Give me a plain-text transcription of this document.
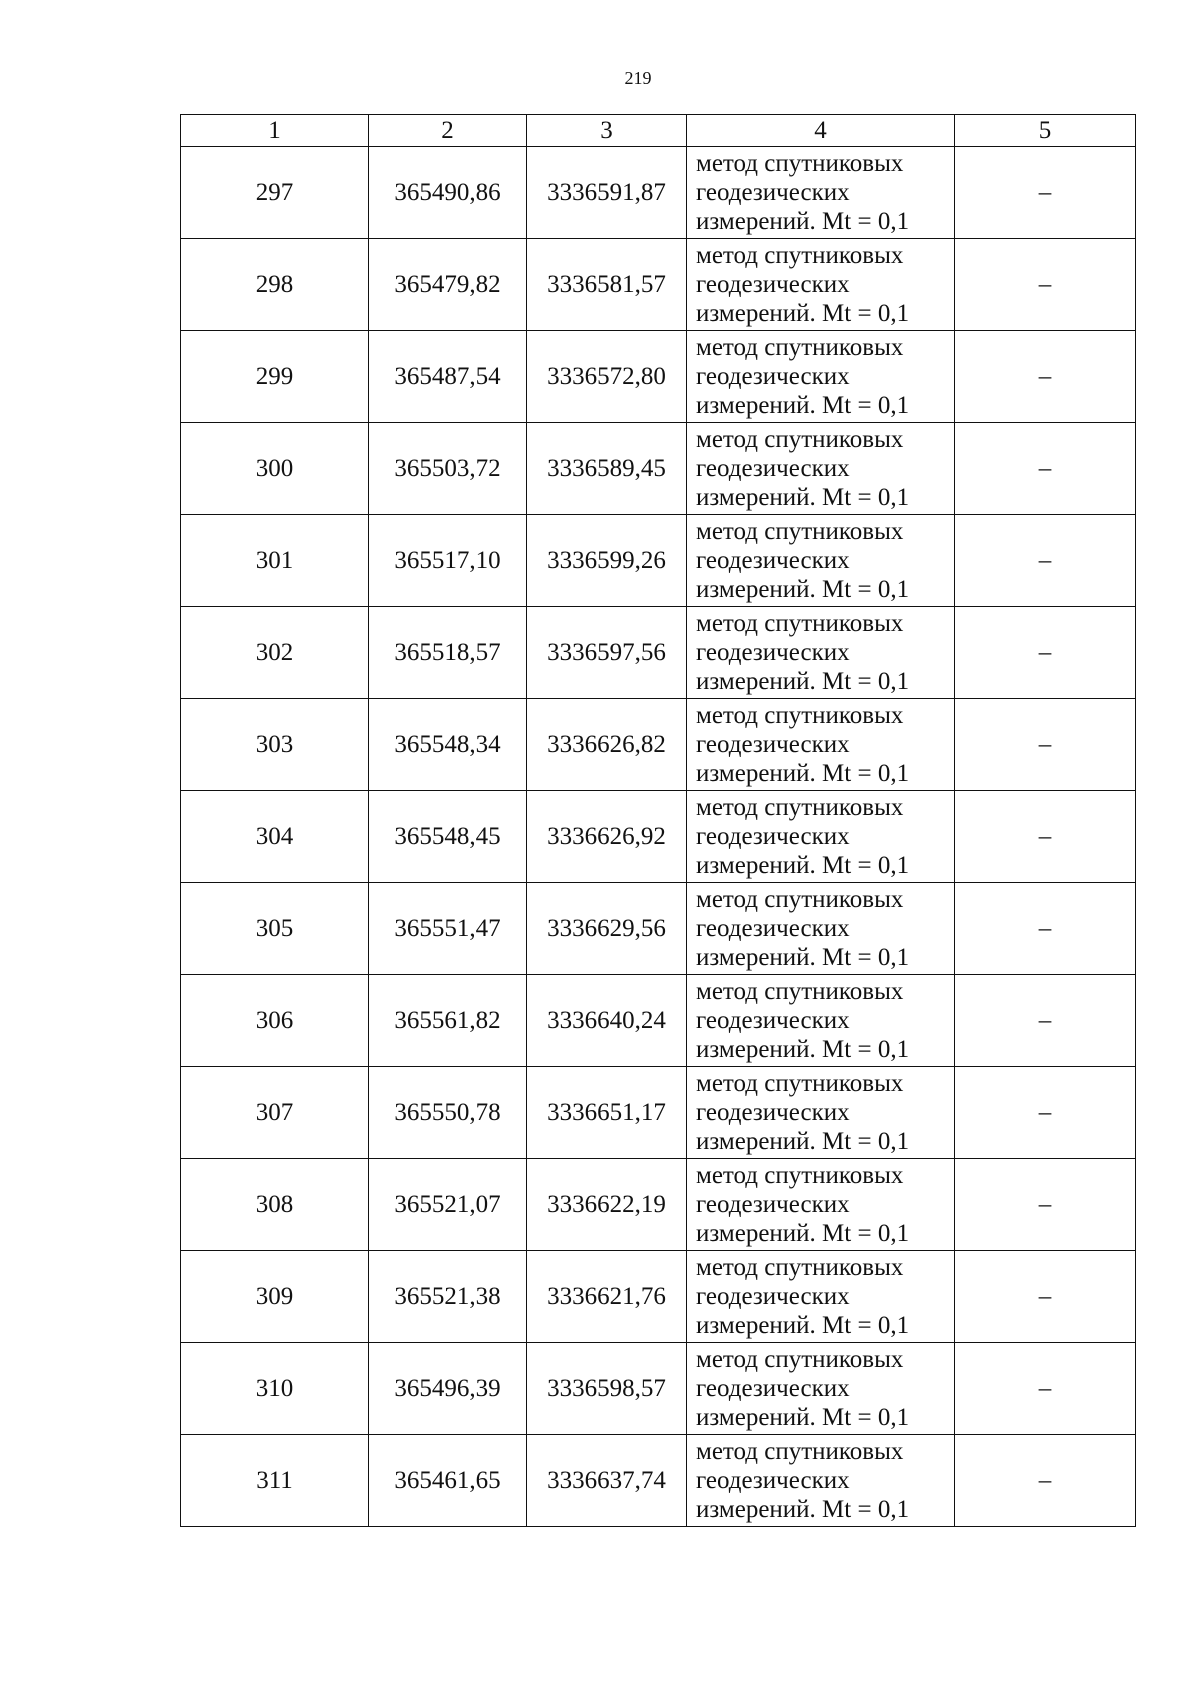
219
1	2	3	4	5
297	365490,86	3336591,87	метод спутниковых геодезических измерений. Mt = 0,1	–
298	365479,82	3336581,57	метод спутниковых геодезических измерений. Mt = 0,1	–
299	365487,54	3336572,80	метод спутниковых геодезических измерений. Mt = 0,1	–
300	365503,72	3336589,45	метод спутниковых геодезических измерений. Mt = 0,1	–
301	365517,10	3336599,26	метод спутниковых геодезических измерений. Mt = 0,1	–
302	365518,57	3336597,56	метод спутниковых геодезических измерений. Mt = 0,1	–
303	365548,34	3336626,82	метод спутниковых геодезических измерений. Mt = 0,1	–
304	365548,45	3336626,92	метод спутниковых геодезических измерений. Mt = 0,1	–
305	365551,47	3336629,56	метод спутниковых геодезических измерений. Mt = 0,1	–
306	365561,82	3336640,24	метод спутниковых геодезических измерений. Mt = 0,1	–
307	365550,78	3336651,17	метод спутниковых геодезических измерений. Mt = 0,1	–
308	365521,07	3336622,19	метод спутниковых геодезических измерений. Mt = 0,1	–
309	365521,38	3336621,76	метод спутниковых геодезических измерений. Mt = 0,1	–
310	365496,39	3336598,57	метод спутниковых геодезических измерений. Mt = 0,1	–
311	365461,65	3336637,74	метод спутниковых геодезических измерений. Mt = 0,1	–
